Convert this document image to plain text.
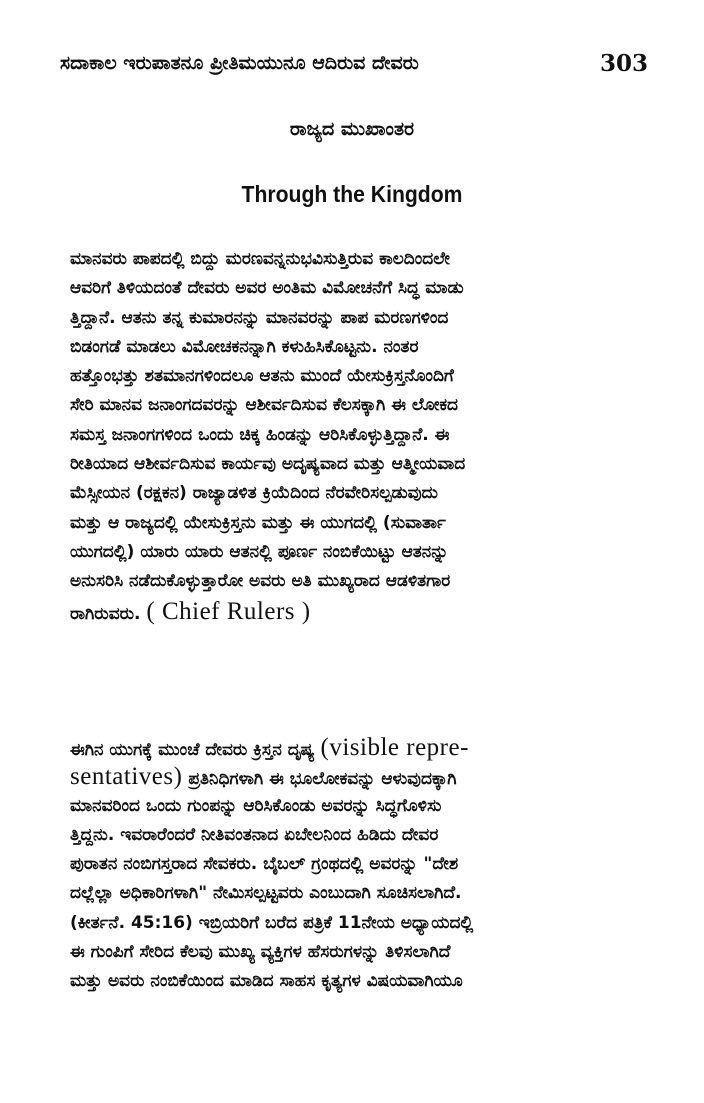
ಸದಾಕಾಲ ಇರುಪಾತನೂ ಪ್ರೀತಿಮಯುನೂ ಆದಿರುವ ದೇವರು	303
ರಾಜ್ಯದ ಮುಖಾಂತರ
Through the Kingdom
ಮಾನವರು ಪಾಪದಲ್ಲಿ ಬಿದ್ದು ಮರಣವನ್ನನುಭವಿಸುತ್ತಿರುವ ಕಾಲದಿಂದಲೇ
ಆವರಿಗೆ ತಿಳಿಯದಂತೆ ದೇವರು ಅವರ ಅಂತಿಮ ವಿಮೋಚನೆಗೆ ಸಿದ್ಧ ಮಾಡು
ತ್ತಿದ್ದಾನೆ. ಆತನು ತನ್ನ ಕುಮಾರನನ್ನು ಮಾನವರನ್ನು ಪಾಪ ಮರಣಗಳಿಂದ
ಬಿಡಂಗಡೆ ಮಾಡಲು ವಿಮೋಚಕನನ್ನಾಗಿ ಕಳುಹಿಸಿಕೊಟ್ಟನು. ನಂತರ
ಹತ್ತೊಂಭತ್ತು ಶತಮಾನಗಳಿಂದಲೂ ಆತನು ಮುಂದೆ ಯೇಸುಕ್ರಿಸ್ತನೊಂದಿಗೆ
ಸೇರಿ ಮಾನವ ಜನಾಂಗದವರನ್ನು ಆಶೀರ್ವದಿಸುವ ಕೆಲಸಕ್ಕಾಗಿ ಈ ಲೋಕದ
ಸಮಸ್ತ ಜನಾಂಗಗಳಿಂದ ಒಂದು ಚಿಕ್ಕ ಹಿಂಡನ್ನು ಆರಿಸಿಕೊಳ್ಳುತ್ತಿದ್ದಾನೆ. ಈ
ರೀತಿಯಾದ ಆಶೀರ್ವದಿಸುವ ಕಾರ್ಯವು ಅದೃಷ್ಯವಾದ ಮತ್ತು ಆತ್ಮೀಯವಾದ
ಮೆಸ್ಸೀಯನ (ರಕ್ಷಕನ) ರಾಜ್ಯಾಡಳಿತ ಕ್ರಿಯೆದಿಂದ ನೆರವೇರಿಸಲ್ಪಡುವುದು
ಮತ್ತು ಆ ರಾಜ್ಯದಲ್ಲಿ ಯೇಸುಕ್ರಿಸ್ತನು ಮತ್ತು ಈ ಯುಗದಲ್ಲಿ (ಸುವಾರ್ತಾ
ಯುಗದಲ್ಲಿ) ಯಾರು ಯಾರು ಆತನಲ್ಲಿ ಪೂರ್ಣ ನಂಬಿಕೆಯಿಟ್ಟು ಆತನನ್ನು
ಅನುಸರಿಸಿ ನಡೆದುಕೊಳ್ಳುತ್ತಾರೋ ಅವರು ಅತಿ ಮುಖ್ಯರಾದ ಆಡಳಿತಗಾರ
ರಾಗಿರುವರು. ( Chief Rulers )
ಈಗಿನ ಯುಗಕ್ಕೆ ಮುಂಚೆ ದೇವರು ಕ್ರಿಸ್ತನ ದೃಷ್ಯ (visible repre-
sentatives) ಪ್ರತಿನಿಧಿಗಳಾಗಿ ಈ ಭೂಲೋಕವನ್ನು ಆಳುವುದಕ್ಕಾಗಿ
ಮಾನವರಿಂದ ಒಂದು ಗುಂಪನ್ನು ಆರಿಸಿಕೊಂಡು ಅವರನ್ನು ಸಿದ್ಧಗೊಳಿಸು
ತ್ತಿದ್ದನು. ಇವರಾರೆಂದರೆ ನೀತಿವಂತನಾದ ಏಬೇಲನಿಂದ ಹಿಡಿದು ದೇವರ
ಪುರಾತನ ನಂಬಿಗಸ್ತರಾದ ಸೇವಕರು. ಬೈಬಲ್ ಗ್ರಂಥದಲ್ಲಿ ಅವರನ್ನು "ದೇಶ
ದಲ್ಲೆಲ್ಲಾ ಅಧಿಕಾರಿಗಳಾಗಿ" ನೇಮಿಸಲ್ಪಟ್ಟವರು ಎಂಬುದಾಗಿ ಸೂಚಿಸಲಾಗಿದೆ.
(ಕೀರ್ತನೆ. 45:16) ಇಬ್ರಿಯರಿಗೆ ಬರೆದ ಪತ್ರಿಕೆ 11ನೇಯ ಅಧ್ಯಾಯದಲ್ಲಿ
ಈ ಗುಂಪಿಗೆ ಸೇರಿದ ಕೆಲವು ಮುಖ್ಯ ವ್ಯಕ್ತಿಗಳ ಹೆಸರುಗಳನ್ನು ತಿಳಿಸಲಾಗಿದೆ
ಮತ್ತು ಅವರು ನಂಬಿಕೆಯಿಂದ ಮಾಡಿದ ಸಾಹಸ ಕೃತ್ಯಗಳ ವಿಷಯವಾಗಿಯೂ
